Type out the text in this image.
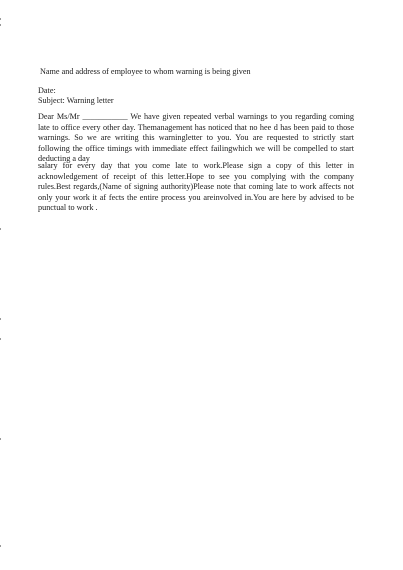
Name and address of employee to whom warning is being given

Date:

Subject: Warning letter

Dear Ms/Mr ___________ We have given repeated verbal warnings to you regarding coming late to office every other day. Themanagement has noticed that no hee d has been paid to those warnings. So we are writing this warningletter to you. You are requested to strictly start following the office timings with immediate effect failingwhich we will be compelled to start deducting a day

salary for every day that you come late to work.Please sign a copy of this letter in acknowledgement of receipt of this letter.Hope to see you complying with the company rules.Best regards,(Name of signing authority)Please note that coming late to work affects not only your work it af fects the entire process you areinvolved in.You are here by advised to be punctual to work .
